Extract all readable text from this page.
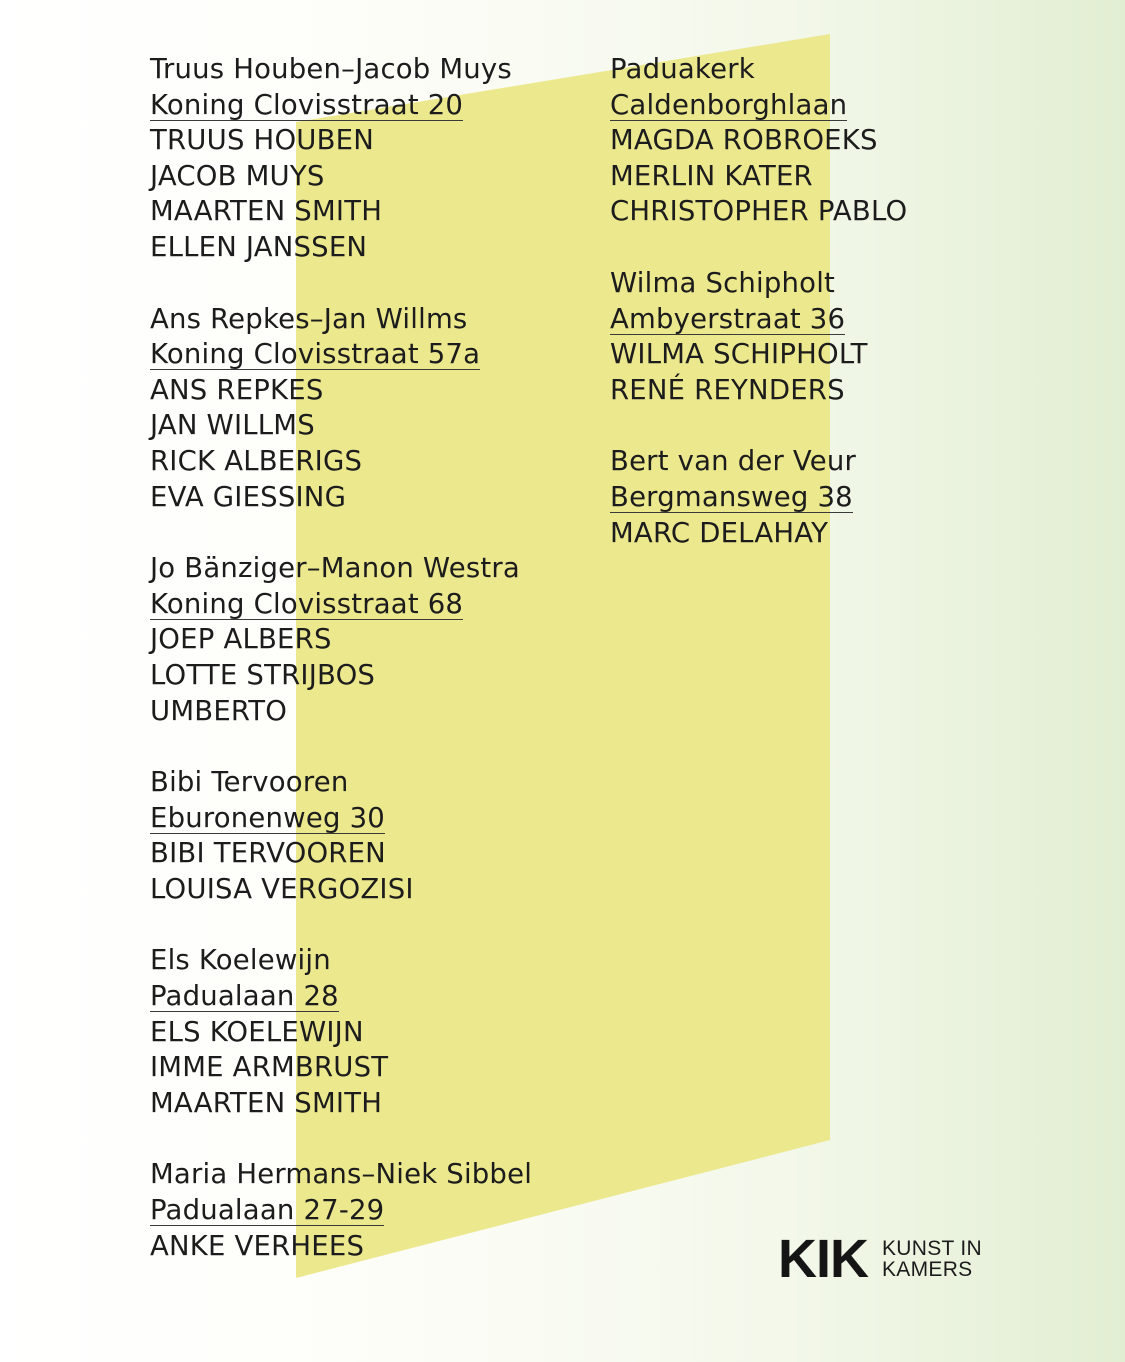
Truus Houben–Jacob Muys
Koning Clovisstraat 20
TRUUS HOUBEN
JACOB MUYS
MAARTEN SMITH
ELLEN JANSSEN
Ans Repkes–Jan Willms
Koning Clovisstraat 57a
ANS REPKES
JAN WILLMS
RICK ALBERIGS
EVA GIESSING
Jo Bänziger–Manon Westra
Koning Clovisstraat 68
JOEP ALBERS
LOTTE STRIJBOS
UMBERTO
Bibi Tervooren
Eburonenweg 30
BIBI TERVOOREN
LOUISA VERGOZISI
Els Koelewijn
Padualaan 28
ELS KOELEWIJN
IMME ARMBRUST
MAARTEN SMITH
Maria Hermans–Niek Sibbel
Padualaan 27-29
ANKE VERHEES
Paduakerk
Caldenborghlaan
MAGDA ROBROEKS
MERLIN KATER
CHRISTOPHER PABLO
Wilma Schipholt
Ambyerstraat 36
WILMA SCHIPHOLT
RENÉ REYNDERS
Bert van der Veur
Bergmansweg 38
MARC DELAHAY
KIK KUNST IN
KAMERS
